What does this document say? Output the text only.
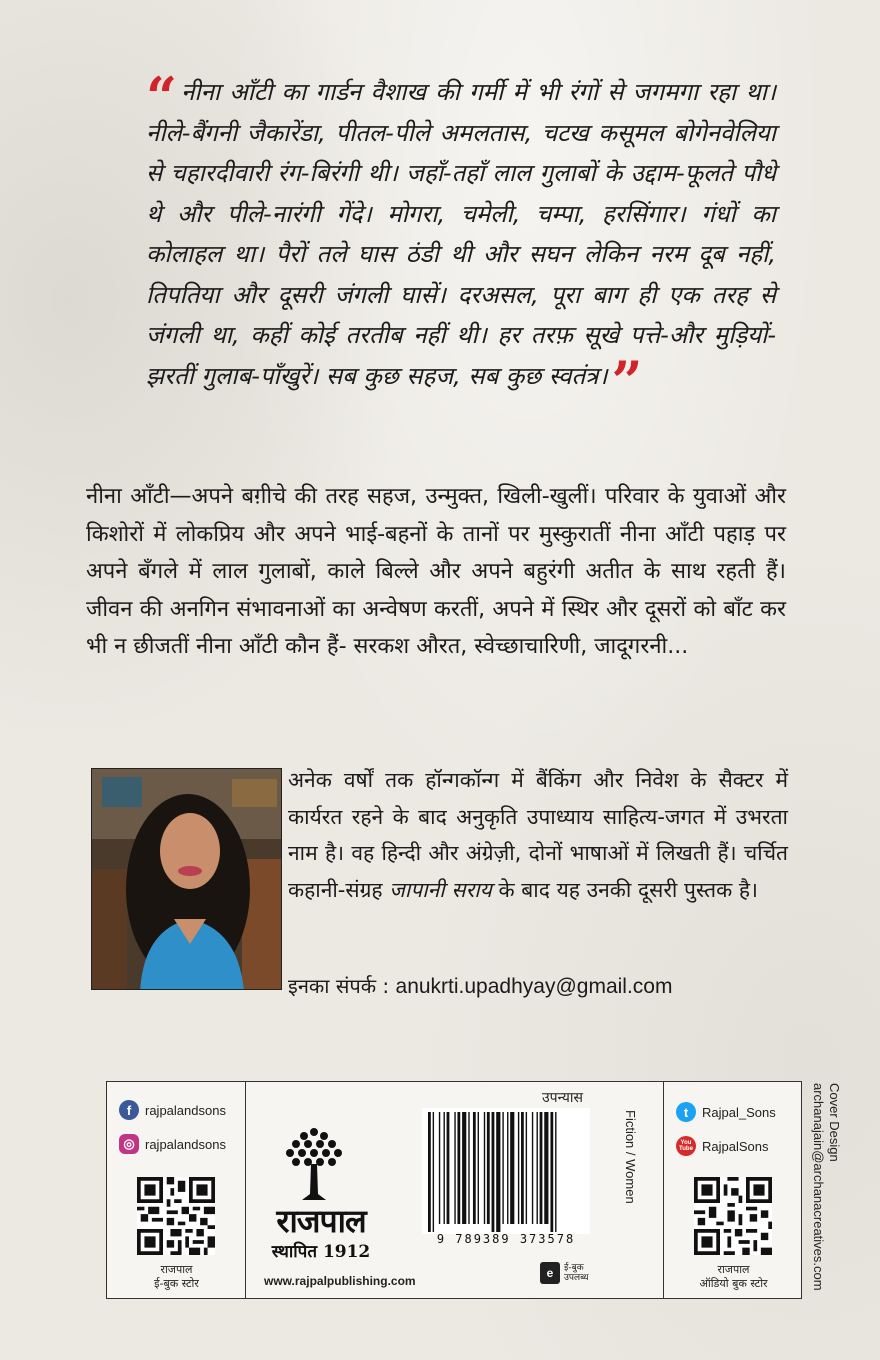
“ नीना आँटी का गार्डन वैशाख की गर्मी में भी रंगों से जगमगा रहा था। नीले-बैंगनी जैकारेंडा, पीतल-पीले अमलतास, चटख कसूमल बोगेनवेलिया से चहारदीवारी रंग-बिरंगी थी। जहाँ-तहाँ लाल गुलाबों के उद्दाम-फूलते पौधे थे और पीले-नारंगी गेंदे। मोगरा, चमेली, चम्पा, हरसिंगार। गंधों का कोलाहल था। पैरों तले घास ठंडी थी और सघन लेकिन नरम दूब नहीं, तिपतिया और दूसरी जंगली घासें। दरअसल, पूरा बाग ही एक तरह से जंगली था, कहीं कोई तरतीब नहीं थी। हर तरफ़ सूखे पत्ते-और मुड़ियों-झरतीं गुलाब-पाँखुरें। सब कुछ सहज, सब कुछ स्वतंत्र।”
नीना आँटी—अपने बग़ीचे की तरह सहज, उन्मुक्त, खिली-खुलीं। परिवार के युवाओं और किशोरों में लोकप्रिय और अपने भाई-बहनों के तानों पर मुस्कुरातीं नीना आँटी पहाड़ पर अपने बँगले में लाल गुलाबों, काले बिल्ले और अपने बहुरंगी अतीत के साथ रहती हैं। जीवन की अनगिन संभावनाओं का अन्वेषण करतीं, अपने में स्थिर और दूसरों को बाँट कर भी न छीजतीं नीना आँटी कौन हैं- सरकश औरत, स्वेच्छाचारिणी, जादूगरनी...
अनेक वर्षों तक हॉन्गकॉन्ग में बैंकिंग और निवेश के सैक्टर में कार्यरत रहने के बाद अनुकृति उपाध्याय साहित्य-जगत में उभरता नाम है। वह हिन्दी और अंग्रेज़ी, दोनों भाषाओं में लिखती हैं। चर्चित कहानी-संग्रह जापानी सराय के बाद यह उनकी दूसरी पुस्तक है।
इनका संपर्क : anukrti.upadhyay@gmail.com
f	rajpalandsons
◎ rajpalandsons
राजपाल
ई-बुक स्टोर
राजपाल
स्थापित 1912
www.rajpalpublishing.com
उपन्यास
9 789389 373578
Fiction / Women
e	ई-बुक उपलब्ध
t	Rajpal_Sons
You Tube RajpalSons
राजपाल
ऑडियो बुक स्टोर
Cover Design
archanajain@archanacreatives.com
